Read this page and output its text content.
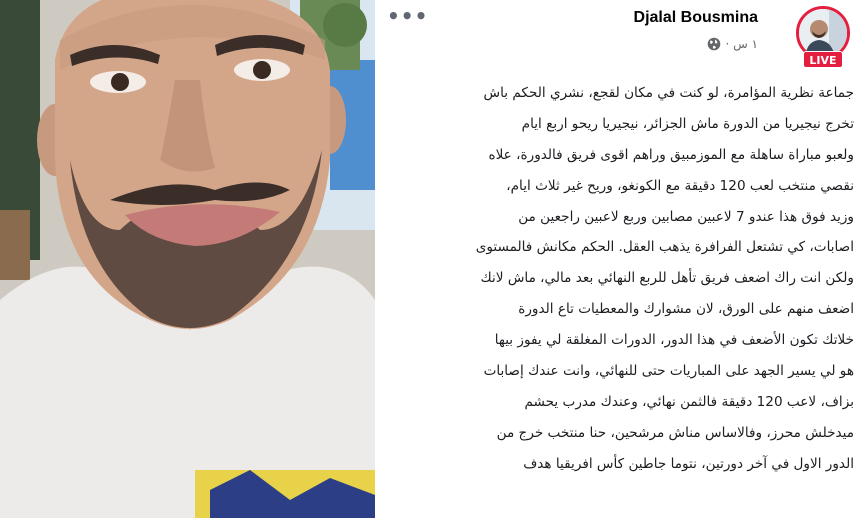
•••	Djalal Bousmina
١ س ·
LIVE
جماعة نظرية المؤامرة، لو كنت في مكان لقجع، نشري الحكم باش
تخرج نيجيريا من الدورة ماش الجزائر، نيجيريا ريحو اربع ايام
ولعبو مباراة ساهلة مع الموزمبيق وراهم اقوى فريق فالدورة، علاه
نقصي منتخب لعب 120 دقيقة مع الكونغو، وريح غير ثلاث ايام،
وزيد فوق هذا عندو 7 لاعبين مصابين وربع لاعبين راجعين من
اصابات، كي تشتعل الفرافرة يذهب العقل. الحكم مكانش فالمستوى
ولكن انت راك اضعف فريق تأهل للربع النهائي بعد مالي، ماش لانك
اضعف منهم على الورق، لان مشوارك والمعطيات تاع الدورة
خلاتك تكون الأضعف في هذا الدور، الدورات المغلقة لي يفوز بيها
هو لي يسير الجهد على المباريات حتى للنهائي، وانت عندك إصابات
بزاف، لاعب 120 دقيقة فالثمن نهائي، وعندك مدرب يحشم
ميدخلش محرز، وفالاساس مناش مرشحين، حنا منتخب خرج من
الدور الاول في آخر دورتين، نتوما جاطين كأس افريقيا هدف
